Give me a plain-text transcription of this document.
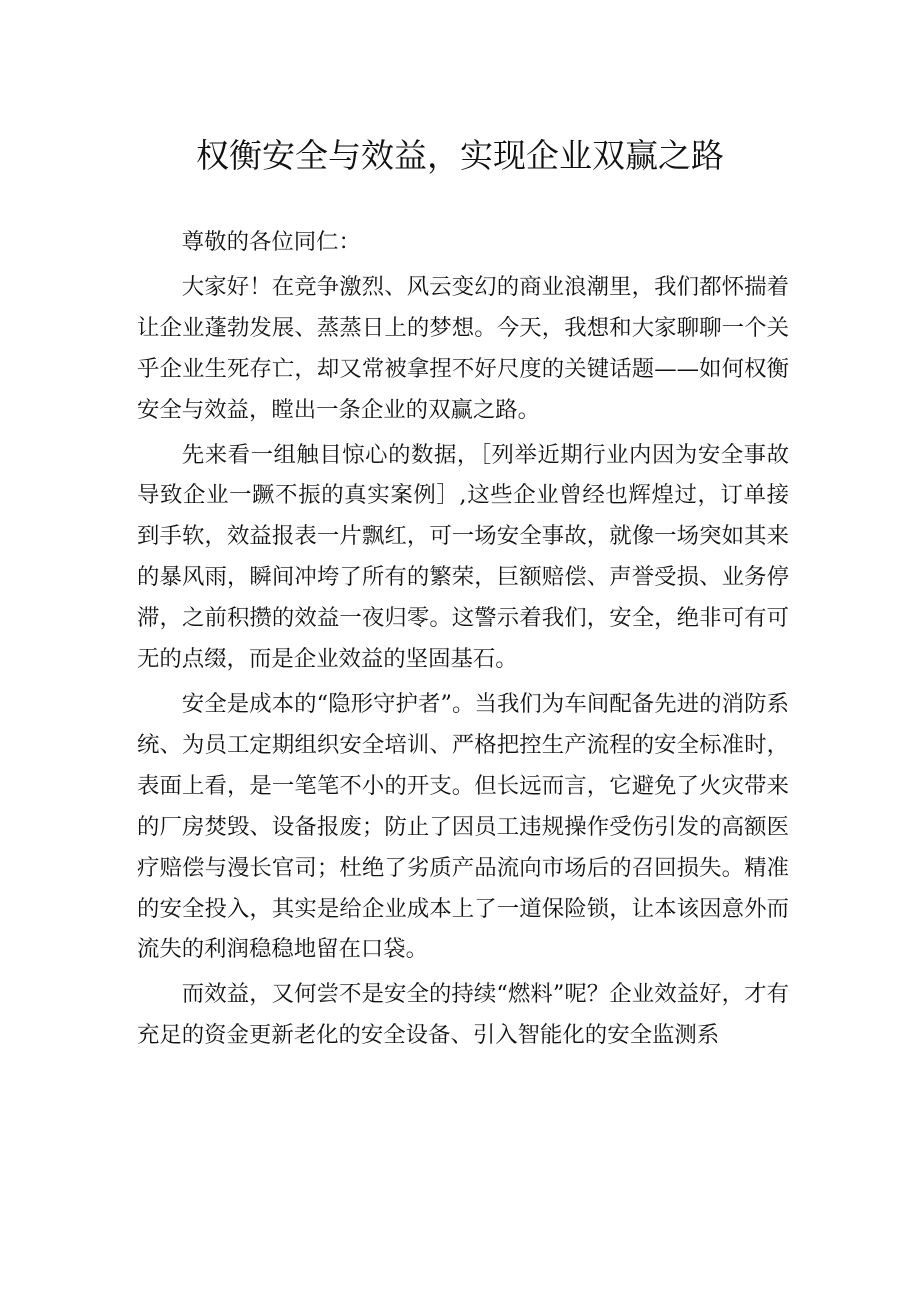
权衡安全与效益，实现企业双赢之路

尊敬的各位同仁：

大家好！在竞争激烈、风云变幻的商业浪潮里，我们都怀揣着让企业蓬勃发展、蒸蒸日上的梦想。今天，我想和大家聊聊一个关乎企业生死存亡，却又常被拿捏不好尺度的关键话题——如何权衡安全与效益，瞠出一条企业的双赢之路。

先来看一组触目惊心的数据，［列举近期行业内因为安全事故导致企业一蹶不振的真实案例］,这些企业曾经也辉煌过，订单接到手软，效益报表一片飘红，可一场安全事故，就像一场突如其来的暴风雨，瞬间冲垮了所有的繁荣，巨额赔偿、声誉受损、业务停滞，之前积攒的效益一夜归零。这警示着我们，安全，绝非可有可无的点缀，而是企业效益的坚固基石。

安全是成本的“隐形守护者”。当我们为车间配备先进的消防系统、为员工定期组织安全培训、严格把控生产流程的安全标准时，表面上看，是一笔笔不小的开支。但长远而言，它避免了火灾带来的厂房焚毁、设备报废；防止了因员工违规操作受伤引发的高额医疗赔偿与漫长官司；杜绝了劣质产品流向市场后的召回损失。精准的安全投入，其实是给企业成本上了一道保险锁，让本该因意外而流失的利润稳稳地留在口袋。

而效益，又何尝不是安全的持续“燃料”呢？企业效益好，才有充足的资金更新老化的安全设备、引入智能化的安全监测系
